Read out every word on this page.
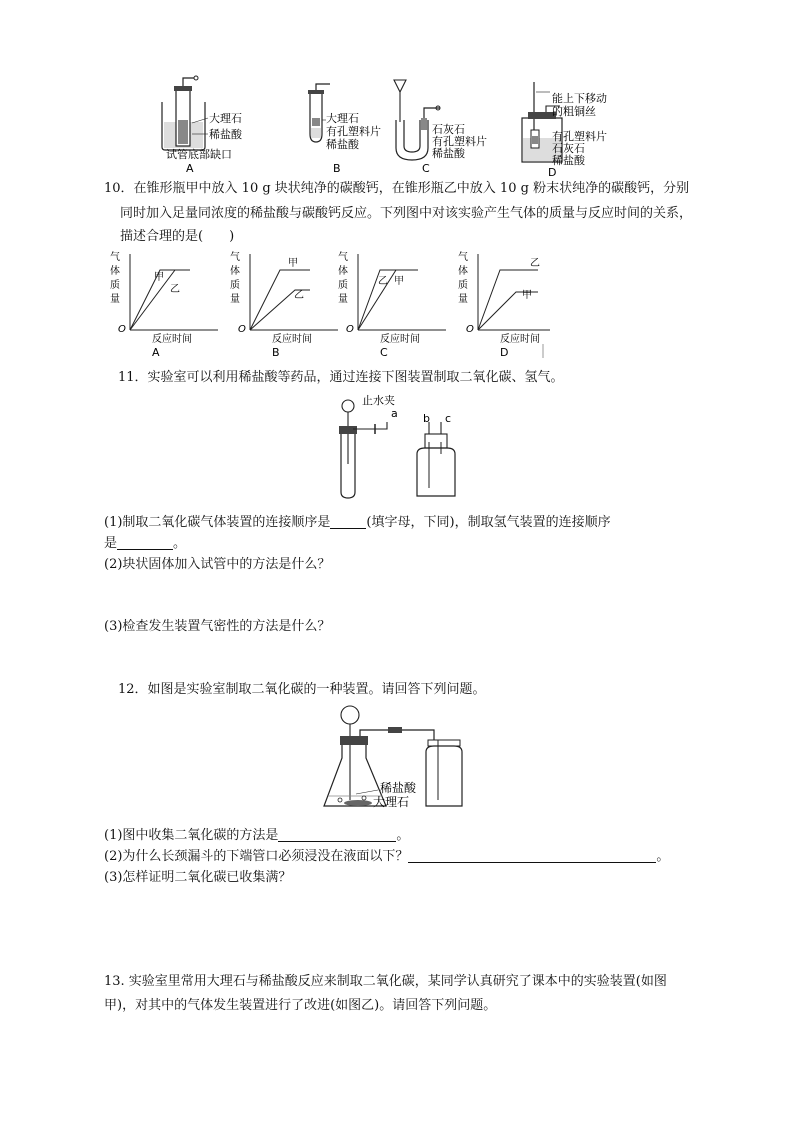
大理石
稀盐酸
试管底部缺口
A
大理石
有孔塑料片
稀盐酸
B
石灰石
有孔塑料片
稀盐酸
C
能上下移动
的粗铜丝
有孔塑料片
石灰石
稀盐酸
D
10．在锥形瓶甲中放入 10 g 块状纯净的碳酸钙，在锥形瓶乙中放入 10 g 粉末状纯净的碳酸钙，分别
同时加入足量同浓度的稀盐酸与碳酸钙反应。下列图中对该实验产生气体的质量与反应时间的关系，
描述合理的是(　　)
气
体
质
量
O
反应时间
甲
乙
A
气
体
质
量
O
反应时间
甲
乙
B
气
体
质
量
O
反应时间
乙 甲
C
气
体
质
量
O
反应时间
乙
甲
D
11．实验室可以利用稀盐酸等药品，通过连接下图装置制取二氧化碳、氢气。
止水夹
a b c
(1)制取二氧化碳气体装置的连接顺序是	(填字母，下同)，制取氢气装置的连接顺序
是	。
(2)块状固体加入试管中的方法是什么？
(3)检查发生装置气密性的方法是什么？
12．如图是实验室制取二氧化碳的一种装置。请回答下列问题。
稀盐酸
大理石
(1)图中收集二氧化碳的方法是	。
(2)为什么长颈漏斗的下端管口必须浸没在液面以下？	。
(3)怎样证明二氧化碳已收集满？
13. 实验室里常用大理石与稀盐酸反应来制取二氧化碳，某同学认真研究了课本中的实验装置(如图
甲)，对其中的气体发生装置进行了改进(如图乙)。请回答下列问题。
